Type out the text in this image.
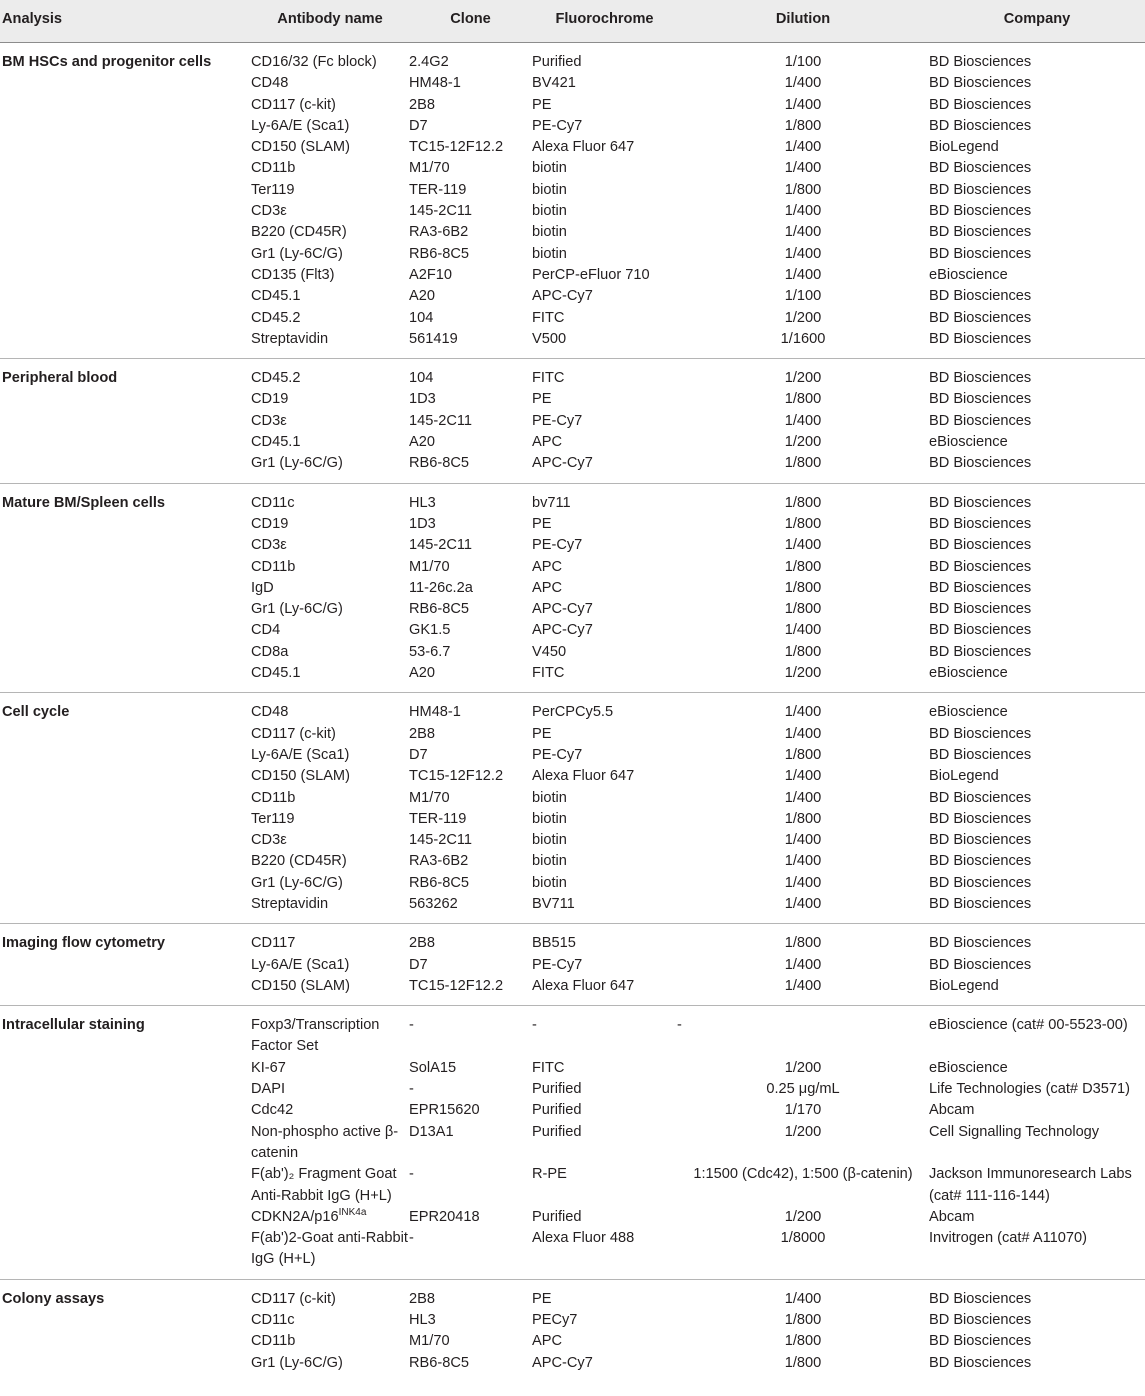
Analysis	Antibody name	Clone	Fluorochrome	Dilution	Company
BM HSCs and progenitor cells	CD16/32 (Fc block)	2.4G2	Purified	1/100	BD Biosciences
	CD48	HM48-1	BV421	1/400	BD Biosciences
	CD117 (c-kit)	2B8	PE	1/400	BD Biosciences
	Ly-6A/E (Sca1)	D7	PE-Cy7	1/800	BD Biosciences
	CD150 (SLAM)	TC15-12F12.2	Alexa Fluor 647	1/400	BioLegend
	CD11b	M1/70	biotin	1/400	BD Biosciences
	Ter119	TER-119	biotin	1/800	BD Biosciences
	CD3ε	145-2C11	biotin	1/400	BD Biosciences
	B220 (CD45R)	RA3-6B2	biotin	1/400	BD Biosciences
	Gr1 (Ly-6C/G)	RB6-8C5	biotin	1/400	BD Biosciences
	CD135 (Flt3)	A2F10	PerCP-eFluor 710	1/400	eBioscience
	CD45.1	A20	APC-Cy7	1/100	BD Biosciences
	CD45.2	104	FITC	1/200	BD Biosciences
	Streptavidin	561419	V500	1/1600	BD Biosciences
Peripheral blood	CD45.2	104	FITC	1/200	BD Biosciences
	CD19	1D3	PE	1/800	BD Biosciences
	CD3ε	145-2C11	PE-Cy7	1/400	BD Biosciences
	CD45.1	A20	APC	1/200	eBioscience
	Gr1 (Ly-6C/G)	RB6-8C5	APC-Cy7	1/800	BD Biosciences
Mature BM/Spleen cells	CD11c	HL3	bv711	1/800	BD Biosciences
	CD19	1D3	PE	1/800	BD Biosciences
	CD3ε	145-2C11	PE-Cy7	1/400	BD Biosciences
	CD11b	M1/70	APC	1/800	BD Biosciences
	IgD	11-26c.2a	APC	1/800	BD Biosciences
	Gr1 (Ly-6C/G)	RB6-8C5	APC-Cy7	1/800	BD Biosciences
	CD4	GK1.5	APC-Cy7	1/400	BD Biosciences
	CD8a	53-6.7	V450	1/800	BD Biosciences
	CD45.1	A20	FITC	1/200	eBioscience
Cell cycle	CD48	HM48-1	PerCPCy5.5	1/400	eBioscience
	CD117 (c-kit)	2B8	PE	1/400	BD Biosciences
	Ly-6A/E (Sca1)	D7	PE-Cy7	1/800	BD Biosciences
	CD150 (SLAM)	TC15-12F12.2	Alexa Fluor 647	1/400	BioLegend
	CD11b	M1/70	biotin	1/400	BD Biosciences
	Ter119	TER-119	biotin	1/800	BD Biosciences
	CD3ε	145-2C11	biotin	1/400	BD Biosciences
	B220 (CD45R)	RA3-6B2	biotin	1/400	BD Biosciences
	Gr1 (Ly-6C/G)	RB6-8C5	biotin	1/400	BD Biosciences
	Streptavidin	563262	BV711	1/400	BD Biosciences
Imaging flow cytometry	CD117	2B8	BB515	1/800	BD Biosciences
	Ly-6A/E (Sca1)	D7	PE-Cy7	1/400	BD Biosciences
	CD150 (SLAM)	TC15-12F12.2	Alexa Fluor 647	1/400	BioLegend
Intracellular staining	Foxp3/Transcription Factor Set	-	-	-	eBioscience (cat# 00-5523-00)
	KI-67	SolA15	FITC	1/200	eBioscience
	DAPI	-	Purified	0.25 μg/mL	Life Technologies (cat# D3571)
	Cdc42	EPR15620	Purified	1/170	Abcam
	Non-phospho active β-catenin	D13A1	Purified	1/200	Cell Signalling Technology
	F(ab')₂ Fragment Goat Anti-Rabbit IgG (H+L)	-	R-PE	1:1500 (Cdc42), 1:500 (β-catenin)	Jackson Immunoresearch Labs (cat# 111-116-144)
	$CDKN2A/p16^{INK4a}$	EPR20418	Purified	1/200	Abcam
	F(ab')2-Goat anti-Rabbit IgG (H+L)	-	Alexa Fluor 488	1/8000	Invitrogen (cat# A11070)
Colony assays	CD117 (c-kit)	2B8	PE	1/400	BD Biosciences
	CD11c	HL3	PECy7	1/800	BD Biosciences
	CD11b	M1/70	APC	1/800	BD Biosciences
	Gr1 (Ly-6C/G)	RB6-8C5	APC-Cy7	1/800	BD Biosciences
